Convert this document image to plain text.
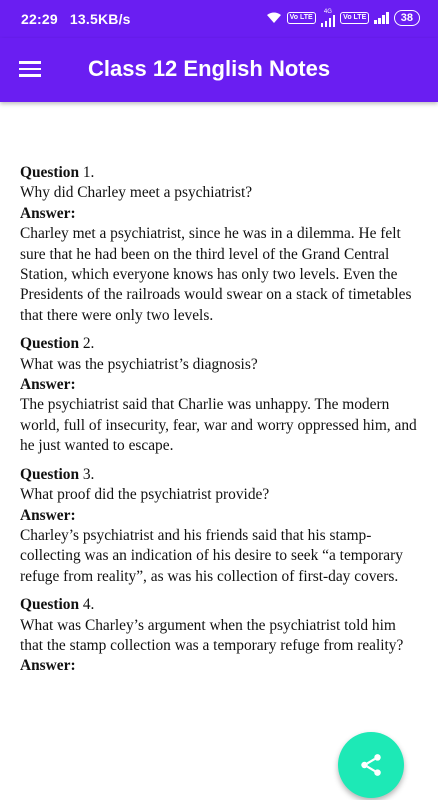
22:29 13.5KB/s	Vo LTE
4G
Vo LTE	38
Class 12 English Notes
Question 1.
Why did Charley meet a psychiatrist?
Answer:
Charley met a psychiatrist, since he was in a dilemma. He felt sure that he had been on the third level of the Grand Central Station, which everyone knows has only two levels. Even the Presidents of the railroads would swear on a stack of timetables that there were only two levels.
Question 2.
What was the psychiatrist’s diagnosis?
Answer:
The psychiatrist said that Charlie was unhappy. The modern world, full of insecurity, fear, war and worry oppressed him, and he just wanted to escape.
Question 3.
What proof did the psychiatrist provide?
Answer:
Charley’s psychiatrist and his friends said that his stamp-collecting was an indication of his desire to seek “a temporary refuge from reality”, as was his collection of first-day covers.
Question 4.
What was Charley’s argument when the psychiatrist told him that the stamp collection was a temporary refuge from reality?
Answer:
